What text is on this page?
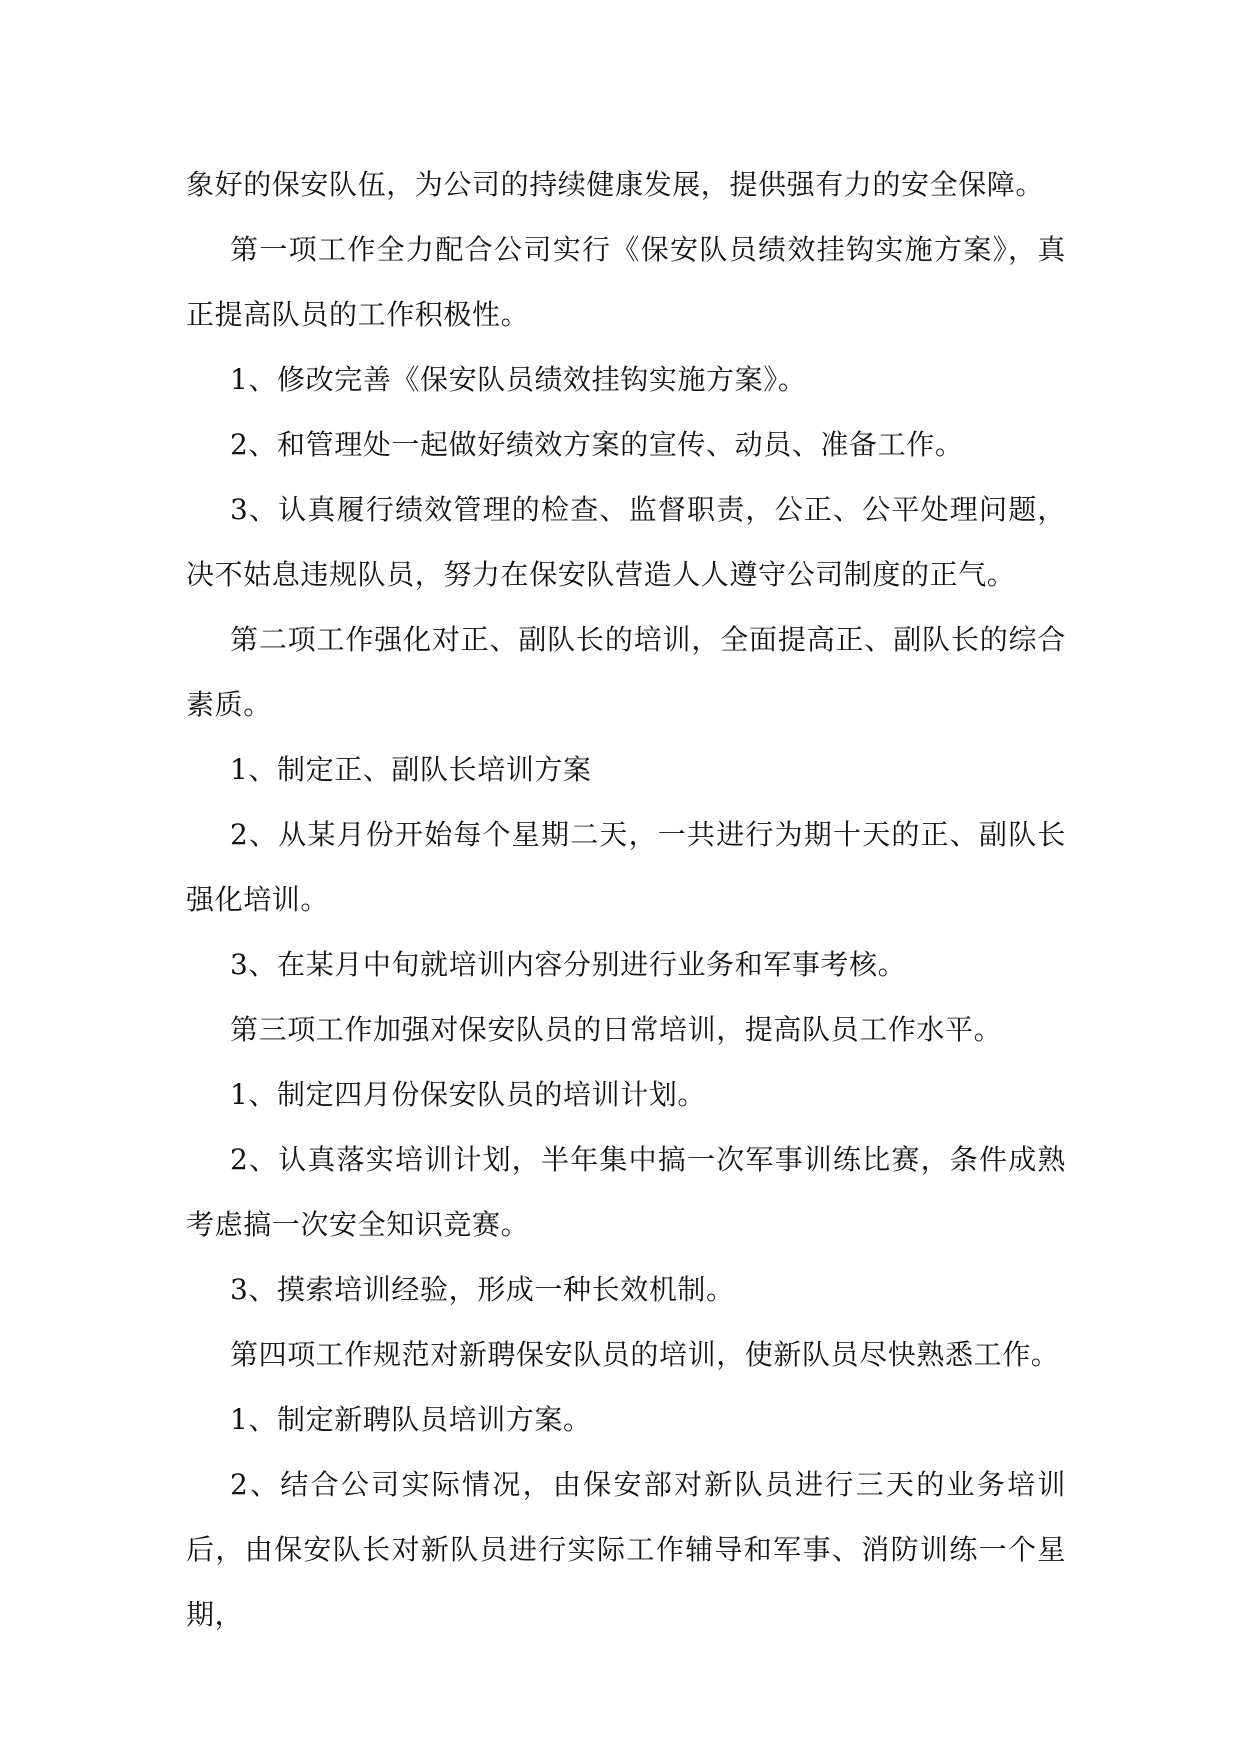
象好的保安队伍，为公司的持续健康发展，提供强有力的安全保障。

第一项工作全力配合公司实行《保安队员绩效挂钩实施方案》，真正提高队员的工作积极性。

1、修改完善《保安队员绩效挂钩实施方案》。

2、和管理处一起做好绩效方案的宣传、动员、准备工作。

3、认真履行绩效管理的检查、监督职责，公正、公平处理问题，决不姑息违规队员，努力在保安队营造人人遵守公司制度的正气。

第二项工作强化对正、副队长的培训，全面提高正、副队长的综合素质。

1、制定正、副队长培训方案

2、从某月份开始每个星期二天，一共进行为期十天的正、副队长强化培训。

3、在某月中旬就培训内容分别进行业务和军事考核。

第三项工作加强对保安队员的日常培训，提高队员工作水平。

1、制定四月份保安队员的培训计划。

2、认真落实培训计划，半年集中搞一次军事训练比赛，条件成熟考虑搞一次安全知识竞赛。

3、摸索培训经验，形成一种长效机制。

第四项工作规范对新聘保安队员的培训，使新队员尽快熟悉工作。

1、制定新聘队员培训方案。

2、结合公司实际情况，由保安部对新队员进行三天的业务培训后，由保安队长对新队员进行实际工作辅导和军事、消防训练一个星期，
